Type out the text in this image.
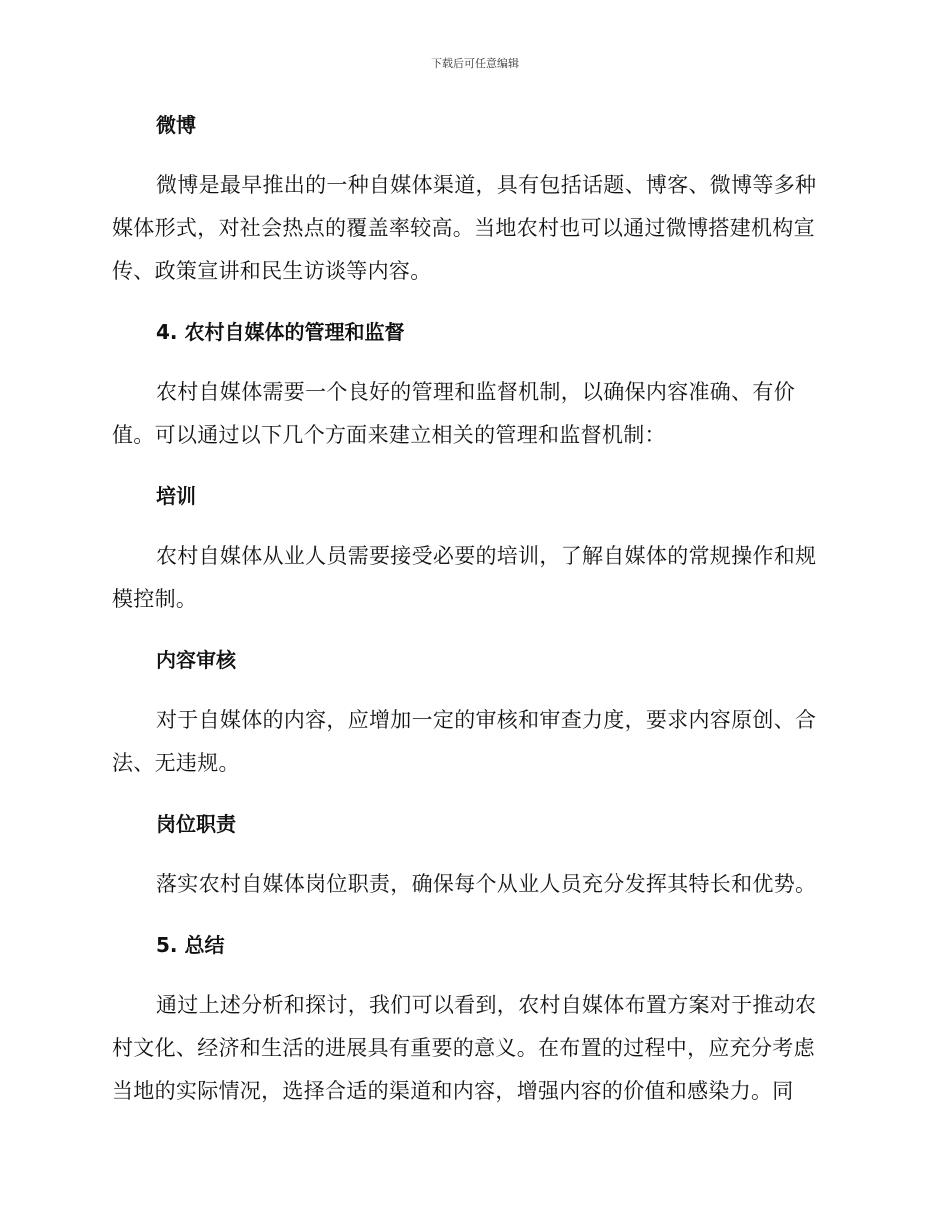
下载后可任意编辑
微博

微博是最早推出的一种自媒体渠道，具有包括话题、博客、微博等多种媒体形式，对社会热点的覆盖率较高。当地农村也可以通过微博搭建机构宣传、政策宣讲和民生访谈等内容。

4. 农村自媒体的管理和监督

农村自媒体需要一个良好的管理和监督机制，以确保内容准确、有价值。可以通过以下几个方面来建立相关的管理和监督机制：

培训

农村自媒体从业人员需要接受必要的培训，了解自媒体的常规操作和规模控制。

内容审核

对于自媒体的内容，应增加一定的审核和审查力度，要求内容原创、合法、无违规。

岗位职责

落实农村自媒体岗位职责，确保每个从业人员充分发挥其特长和优势。

5. 总结

通过上述分析和探讨，我们可以看到，农村自媒体布置方案对于推动农村文化、经济和生活的进展具有重要的意义。在布置的过程中，应充分考虑当地的实际情况，选择合适的渠道和内容，增强内容的价值和感染力。同
